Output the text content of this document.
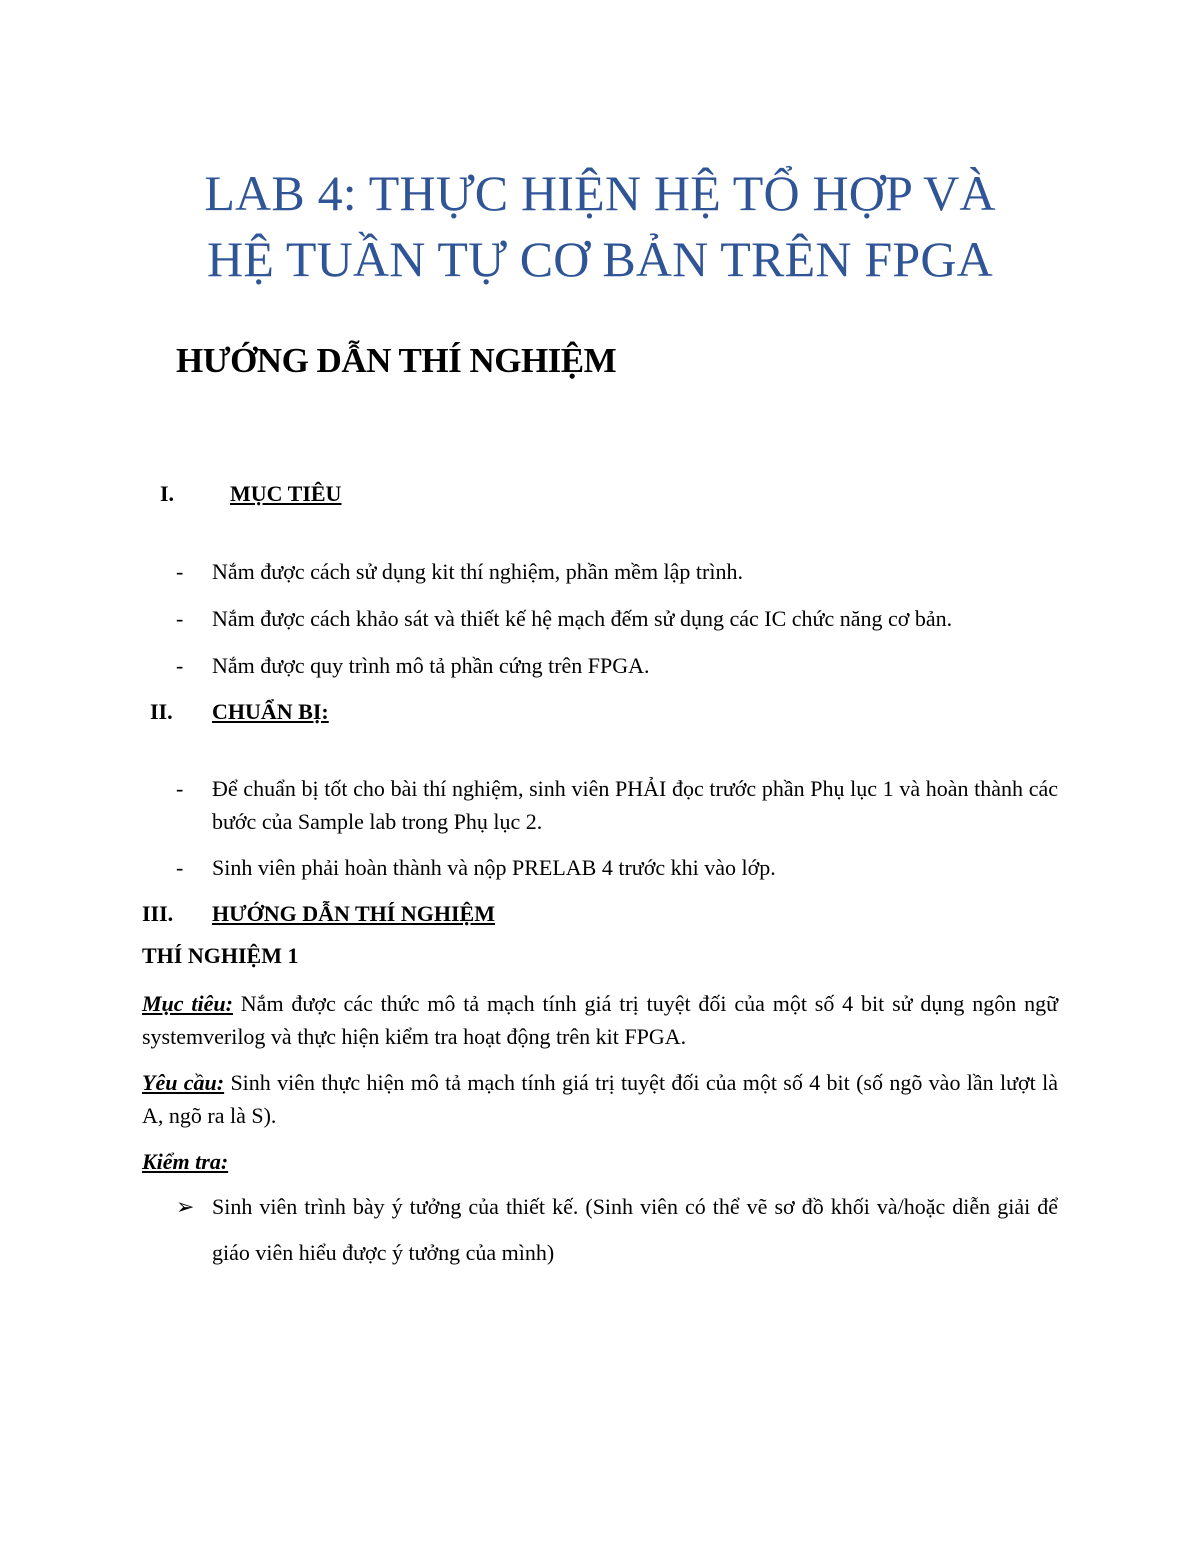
LAB 4: THỰC HIỆN HỆ TỔ HỢP VÀ
HỆ TUẦN TỰ CƠ BẢN TRÊN FPGA
HƯỚNG DẪN THÍ NGHIỆM
I.	MỤC TIÊU
-	Nắm được cách sử dụng kit thí nghiệm, phần mềm lập trình.
-	Nắm được cách khảo sát và thiết kế hệ mạch đếm sử dụng các IC chức năng cơ bản.
-	Nắm được quy trình mô tả phần cứng trên FPGA.
II. CHUẨN BỊ:
-	Để chuẩn bị tốt cho bài thí nghiệm, sinh viên PHẢI đọc trước phần Phụ lục 1 và hoàn thành các bước của Sample lab trong Phụ lục 2.
-	Sinh viên phải hoàn thành và nộp PRELAB 4 trước khi vào lớp.
III. HƯỚNG DẪN THÍ NGHIỆM
THÍ NGHIỆM 1
Mục tiêu: Nắm được các thức mô tả mạch tính giá trị tuyệt đối của một số 4 bit sử dụng ngôn ngữ systemverilog và thực hiện kiểm tra hoạt động trên kit FPGA.
Yêu cầu: Sinh viên thực hiện mô tả mạch tính giá trị tuyệt đối của một số 4 bit (số ngõ vào lần lượt là A, ngõ ra là S).
Kiểm tra:
➢ Sinh viên trình bày ý tưởng của thiết kế. (Sinh viên có thể vẽ sơ đồ khối và/hoặc diễn giải để giáo viên hiểu được ý tưởng của mình)
